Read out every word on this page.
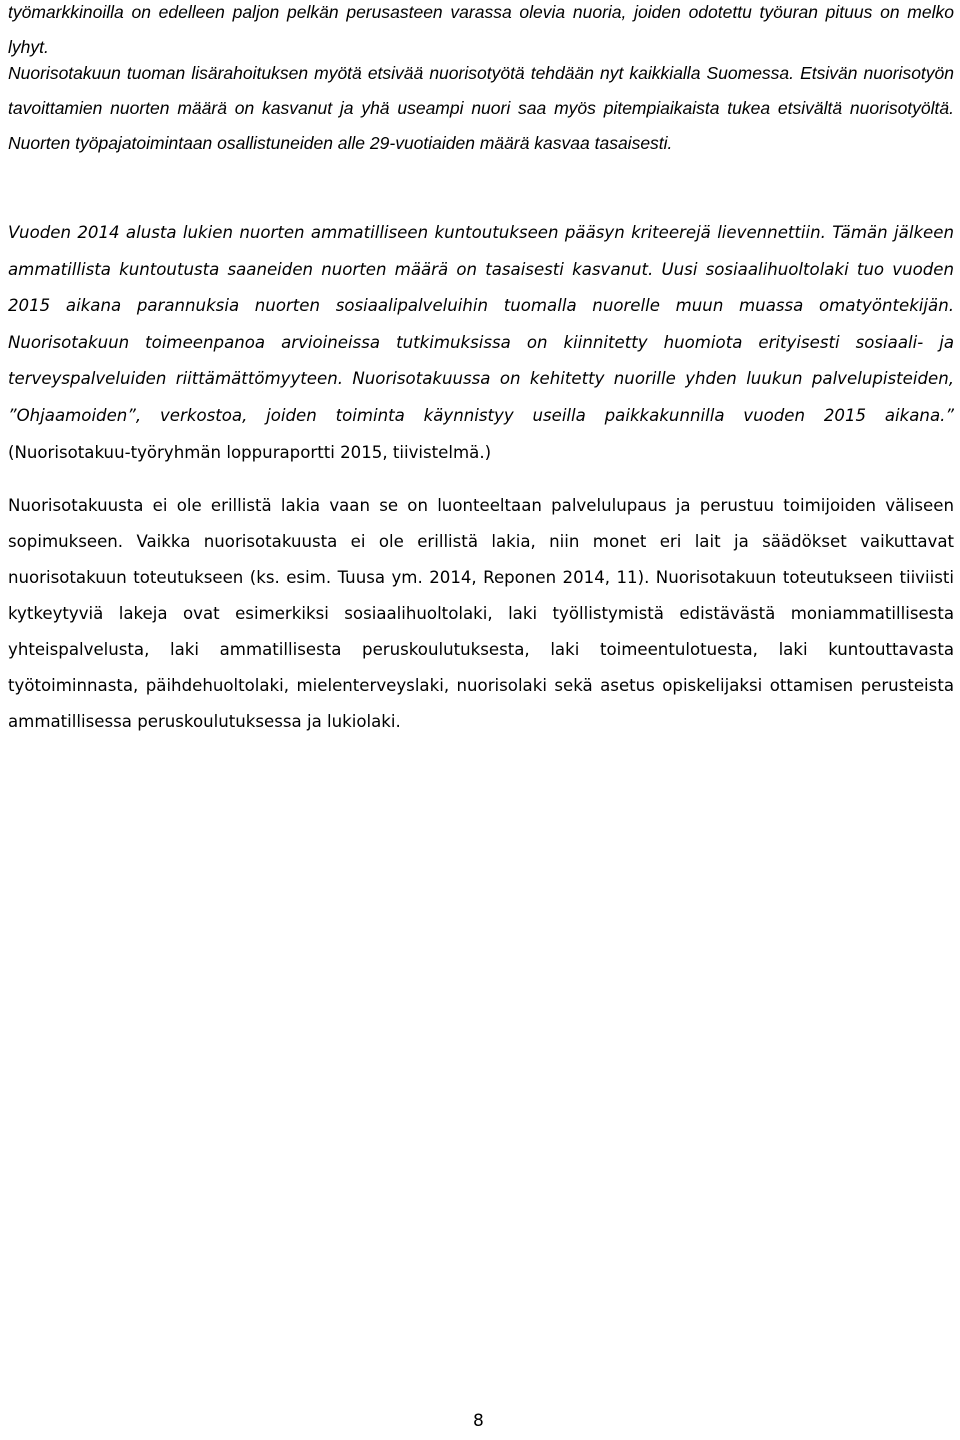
työmarkkinoilla on edelleen paljon pelkän perusasteen varassa olevia nuoria, joiden odotettu työuran pituus on melko lyhyt.

Nuorisotakuun tuoman lisärahoituksen myötä etsivää nuorisotyötä tehdään nyt kaikkialla Suomessa. Etsivän nuorisotyön tavoittamien nuorten määrä on kasvanut ja yhä useampi nuori saa myös pitempiaikaista tukea etsivältä nuorisotyöltä. Nuorten työpajatoimintaan osallistuneiden alle 29-vuotiaiden määrä kasvaa tasaisesti.

Vuoden 2014 alusta lukien nuorten ammatilliseen kuntoutukseen pääsyn kriteerejä lievennettiin. Tämän jälkeen ammatillista kuntoutusta saaneiden nuorten määrä on tasaisesti kasvanut. Uusi sosiaalihuoltolaki tuo vuoden 2015 aikana parannuksia nuorten sosiaalipalveluihin tuomalla nuorelle muun muassa omatyöntekijän. Nuorisotakuun toimeenpanoa arvioineissa tutkimuksissa on kiinnitetty huomiota erityisesti sosiaali- ja terveyspalveluiden riittämättömyyteen. Nuorisotakuussa on kehitetty nuorille yhden luukun palvelupisteiden, ”Ohjaamoiden”, verkostoa, joiden toiminta käynnistyy useilla paikkakunnilla vuoden 2015 aikana.” (Nuorisotakuu-työryhmän loppuraportti 2015, tiivistelmä.)

Nuorisotakuusta ei ole erillistä lakia vaan se on luonteeltaan palvelulupaus ja perustuu toimijoiden väliseen sopimukseen. Vaikka nuorisotakuusta ei ole erillistä lakia, niin monet eri lait ja säädökset vaikuttavat nuorisotakuun toteutukseen (ks. esim. Tuusa ym. 2014, Reponen 2014, 11). Nuorisotakuun toteutukseen tiiviisti kytkeytyviä lakeja ovat esimerkiksi sosiaalihuoltolaki, laki työllistymistä edistävästä moniammatillisesta yhteispalvelusta, laki ammatillisesta peruskoulutuksesta, laki toimeentulotuesta, laki kuntouttavasta työtoiminnasta, päihdehuoltolaki, mielenterveyslaki, nuorisolaki sekä asetus opiskelijaksi ottamisen perusteista ammatillisessa peruskoulutuksessa ja lukiolaki.

8
